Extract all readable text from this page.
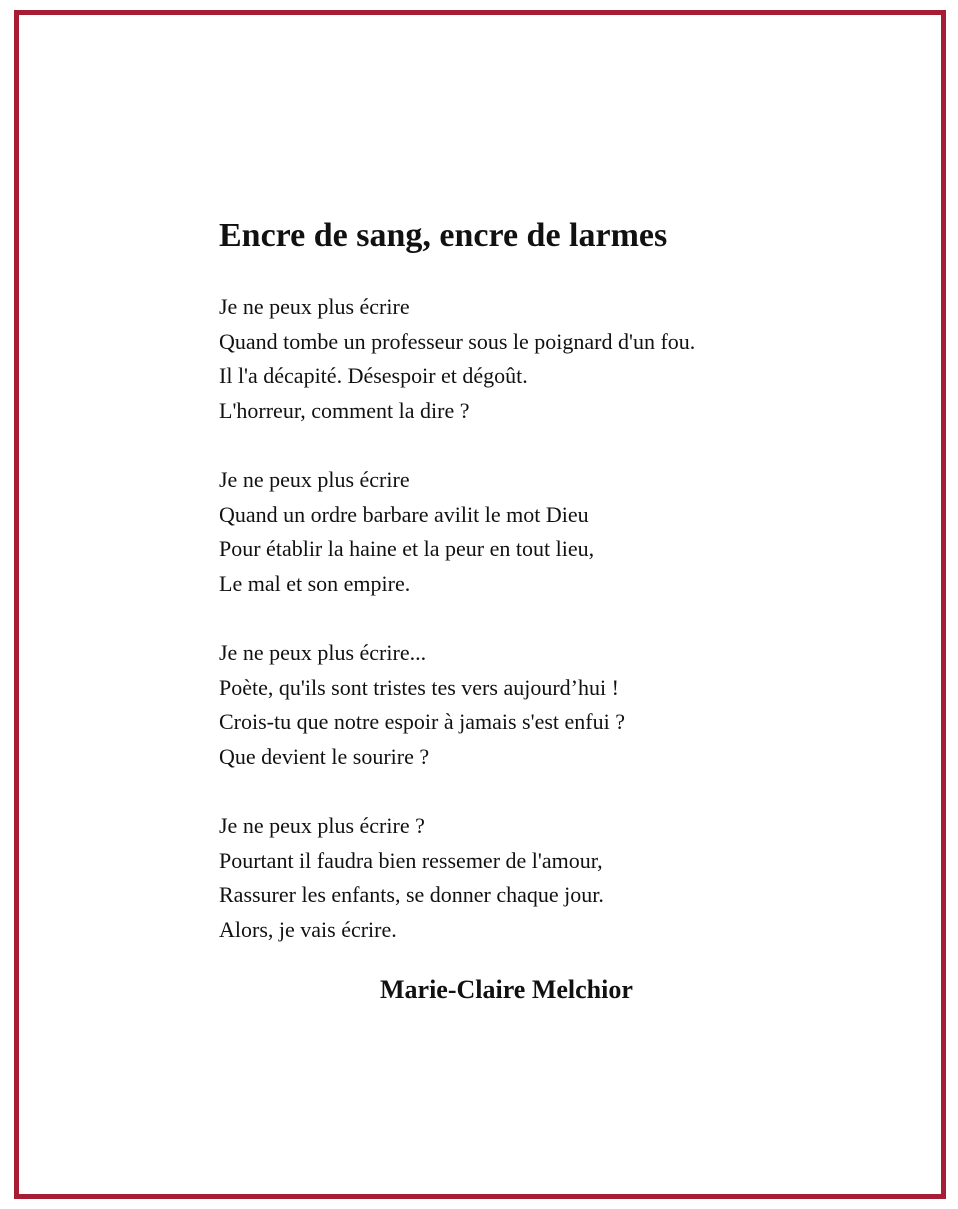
Encre de sang, encre de larmes
Je ne peux plus écrire
Quand tombe un professeur sous le poignard d'un fou.
Il l'a décapité. Désespoir et dégoût.
L'horreur, comment la dire ?
Je ne peux plus écrire
Quand un ordre barbare avilit le mot Dieu
Pour établir la haine et la peur en tout lieu,
Le mal et son empire.
Je ne peux plus écrire...
Poète, qu'ils sont tristes tes vers aujourd’hui !
Crois-tu que notre espoir à jamais s'est enfui ?
Que devient le sourire ?
Je ne peux plus écrire ?
Pourtant il faudra bien ressemer de l'amour,
Rassurer les enfants, se donner chaque jour.
Alors, je vais écrire.
Marie-Claire Melchior
